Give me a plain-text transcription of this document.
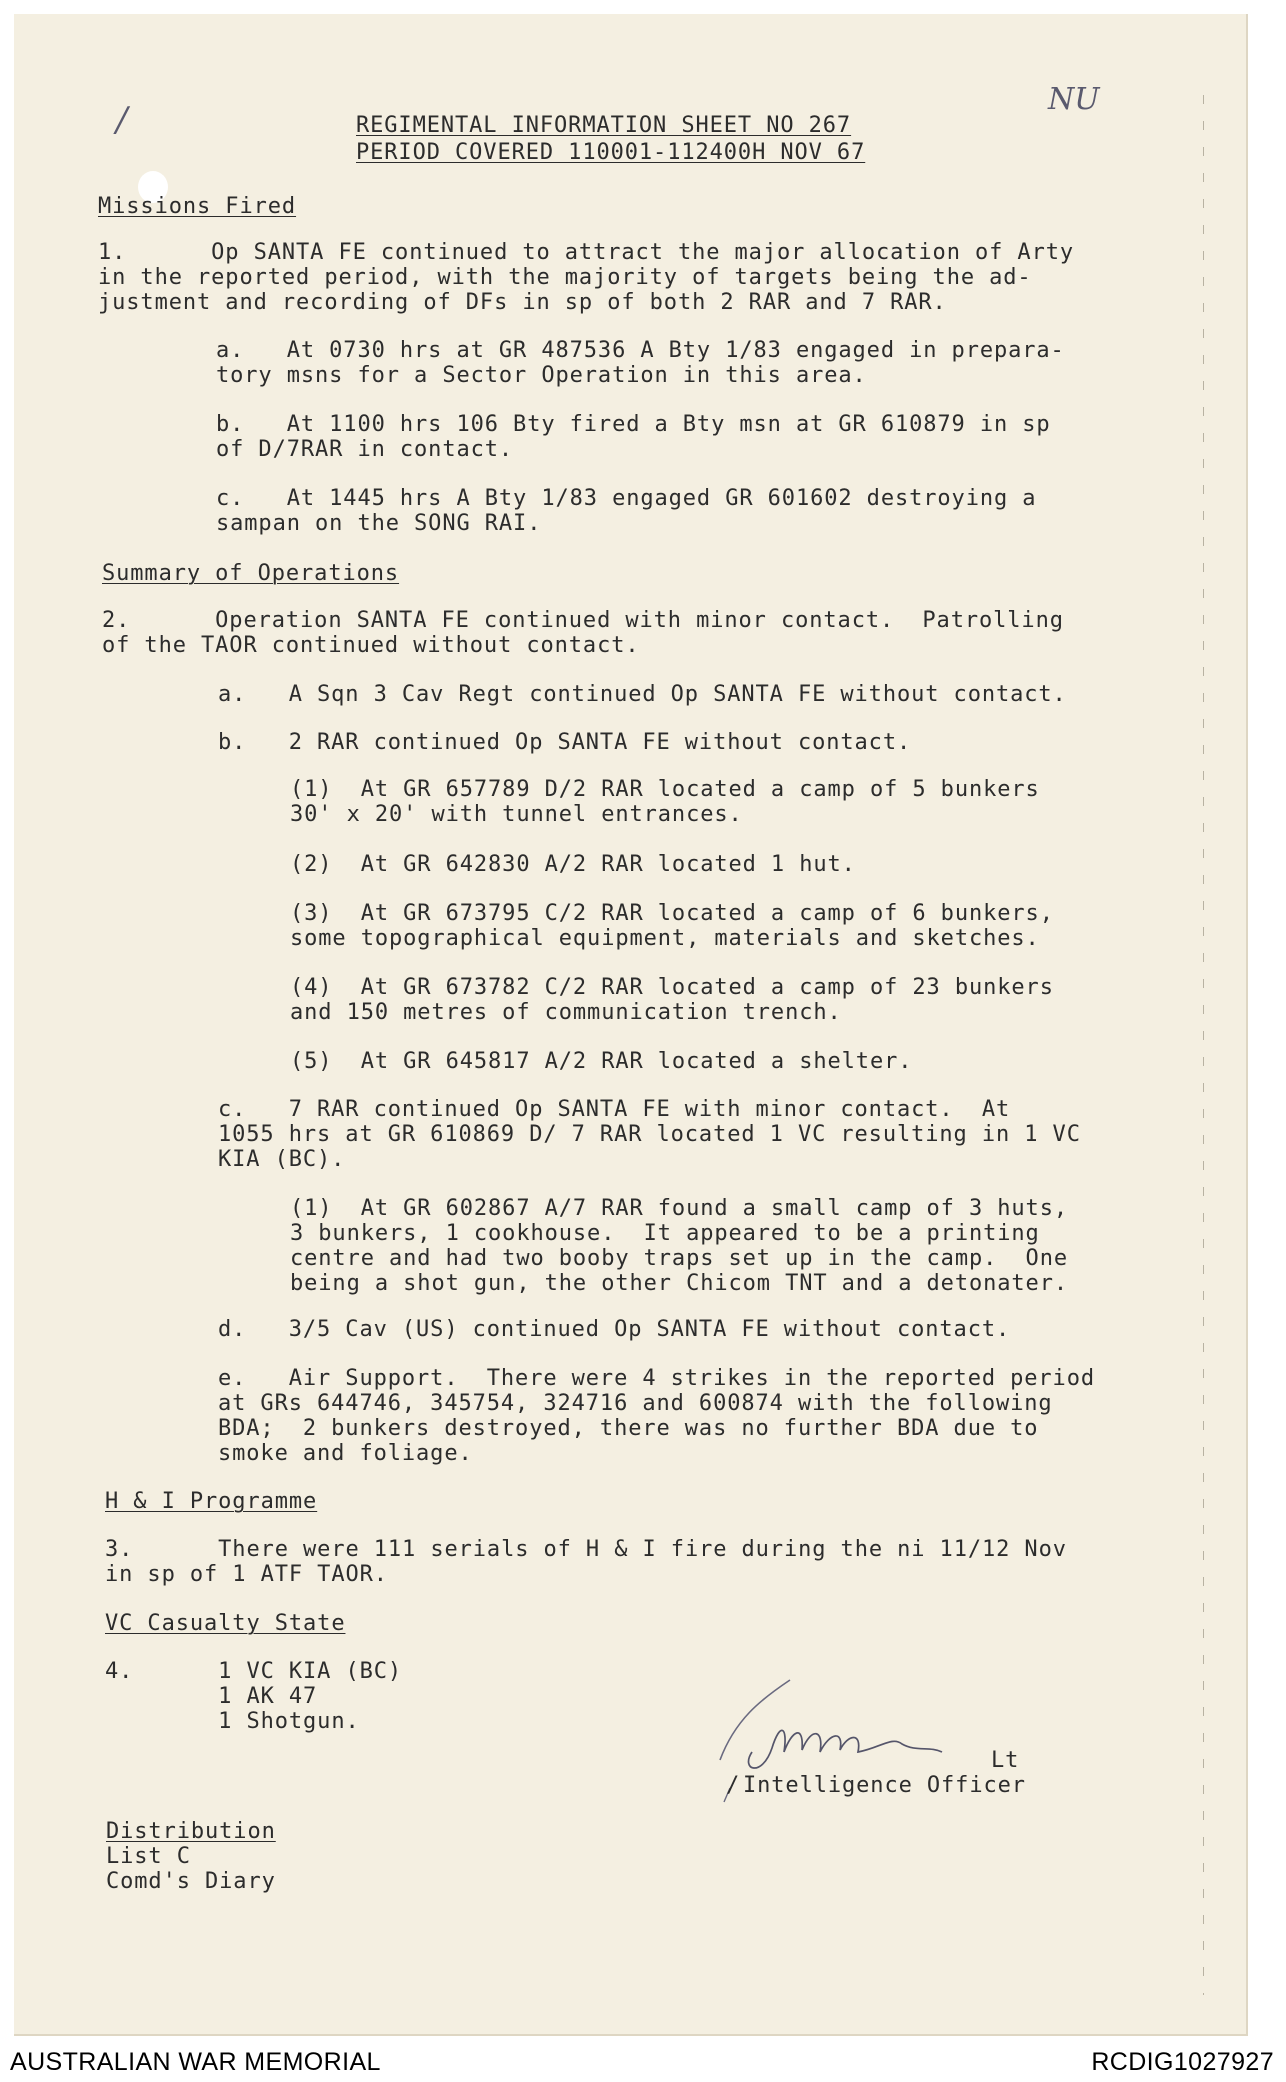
/
NU
REGIMENTAL INFORMATION SHEET NO 267
PERIOD COVERED 110001-112400H NOV 67
Missions Fired
1.      Op SANTA FE continued to attract the major allocation of Arty
in the reported period, with the majority of targets being the ad-
justment and recording of DFs in sp of both 2 RAR and 7 RAR.
a.   At 0730 hrs at GR 487536 A Bty 1/83 engaged in prepara-
tory msns for a Sector Operation in this area.
b.   At 1100 hrs 106 Bty fired a Bty msn at GR 610879 in sp
of D/7RAR in contact.
c.   At 1445 hrs A Bty 1/83 engaged GR 601602 destroying a
sampan on the SONG RAI.
Summary of Operations
2.      Operation SANTA FE continued with minor contact.  Patrolling
of the TAOR continued without contact.
a.   A Sqn 3 Cav Regt continued Op SANTA FE without contact.
b.   2 RAR continued Op SANTA FE without contact.
(1)  At GR 657789 D/2 RAR located a camp of 5 bunkers
30' x 20' with tunnel entrances.
(2)  At GR 642830 A/2 RAR located 1 hut.
(3)  At GR 673795 C/2 RAR located a camp of 6 bunkers,
some topographical equipment, materials and sketches.
(4)  At GR 673782 C/2 RAR located a camp of 23 bunkers
and 150 metres of communication trench.
(5)  At GR 645817 A/2 RAR located a shelter.
c.   7 RAR continued Op SANTA FE with minor contact.  At
1055 hrs at GR 610869 D/ 7 RAR located 1 VC resulting in 1 VC
KIA (BC).
(1)  At GR 602867 A/7 RAR found a small camp of 3 huts,
3 bunkers, 1 cookhouse.  It appeared to be a printing
centre and had two booby traps set up in the camp.  One
being a shot gun, the other Chicom TNT and a detonater.
d.   3/5 Cav (US) continued Op SANTA FE without contact.
e.   Air Support.  There were 4 strikes in the reported period
at GRs 644746, 345754, 324716 and 600874 with the following
BDA;  2 bunkers destroyed, there was no further BDA due to
smoke and foliage.
H & I Programme
3.      There were 111 serials of H & I fire during the ni 11/12 Nov
in sp of 1 ATF TAOR.
VC Casualty State
4.      1 VC KIA (BC)
1 AK 47
1 Shotgun.
Lt
/ Intelligence Officer
Distribution
List C
Comd's Diary
AUSTRALIAN WAR MEMORIAL	RCDIG1027927
